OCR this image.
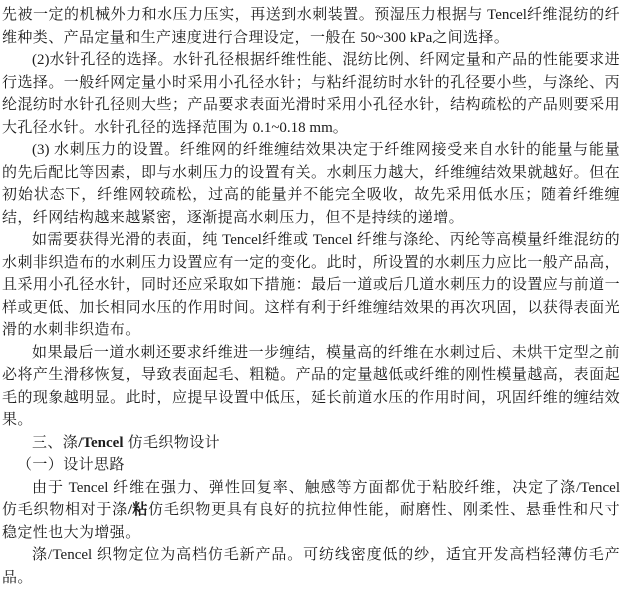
先被一定的机械外力和水压力压实，再送到水刺装置。预湿压力根据与 Tencel纤维混纺的纤维种类、产品定量和生产速度进行合理设定，一般在 50~300 kPa之间选择。

(2)水针孔径的选择。水针孔径根据纤维性能、混纺比例、纤网定量和产品的性能要求进行选择。一般纤网定量小时采用小孔径水针；与粘纤混纺时水针的孔径要小些，与涤纶、丙纶混纺时水针孔径则大些；产品要求表面光滑时采用小孔径水针，结构疏松的产品则要采用大孔径水针。水针孔径的选择范围为 0.1~0.18 mm。

(3) 水刺压力的设置。纤维网的纤维缠结效果决定于纤维网接受来自水针的能量与能量的先后配比等因素，即与水刺压力的设置有关。水刺压力越大，纤维缠结效果就越好。但在初始状态下，纤维网较疏松，过高的能量并不能完全吸收，故先采用低水压；随着纤维缠结，纤网结构越来越紧密，逐渐提高水刺压力，但不是持续的递增。

如需要获得光滑的表面，纯 Tencel纤维或 Tencel 纤维与涤纶、丙纶等高模量纤维混纺的水刺非织造布的水刺压力设置应有一定的变化。此时，所设置的水刺压力应比一般产品高，且采用小孔径水针，同时还应采取如下措施：最后一道或后几道水刺压力的设置应与前道一样或更低、加长相同水压的作用时间。这样有利于纤维缠结效果的再次巩固，以获得表面光滑的水刺非织造布。

如果最后一道水刺还要求纤维进一步缠结，模量高的纤维在水刺过后、未烘干定型之前必将产生滑移恢复，导致表面起毛、粗糙。产品的定量越低或纤维的刚性模量越高，表面起毛的现象越明显。此时，应提早设置中低压，延长前道水压的作用时间，巩固纤维的缠结效果。

三、涤/Tencel 仿毛织物设计

（一）设计思路

由于 Tencel 纤维在强力、弹性回复率、触感等方面都优于粘胶纤维，决定了涤/Tencel 仿毛织物相对于涤/粘仿毛织物更具有良好的抗拉伸性能，耐磨性、刚柔性、悬垂性和尺寸稳定性也大为增强。

涤/Tencel 织物定位为高档仿毛新产品。可纺线密度低的纱，适宜开发高档轻薄仿毛产品。
